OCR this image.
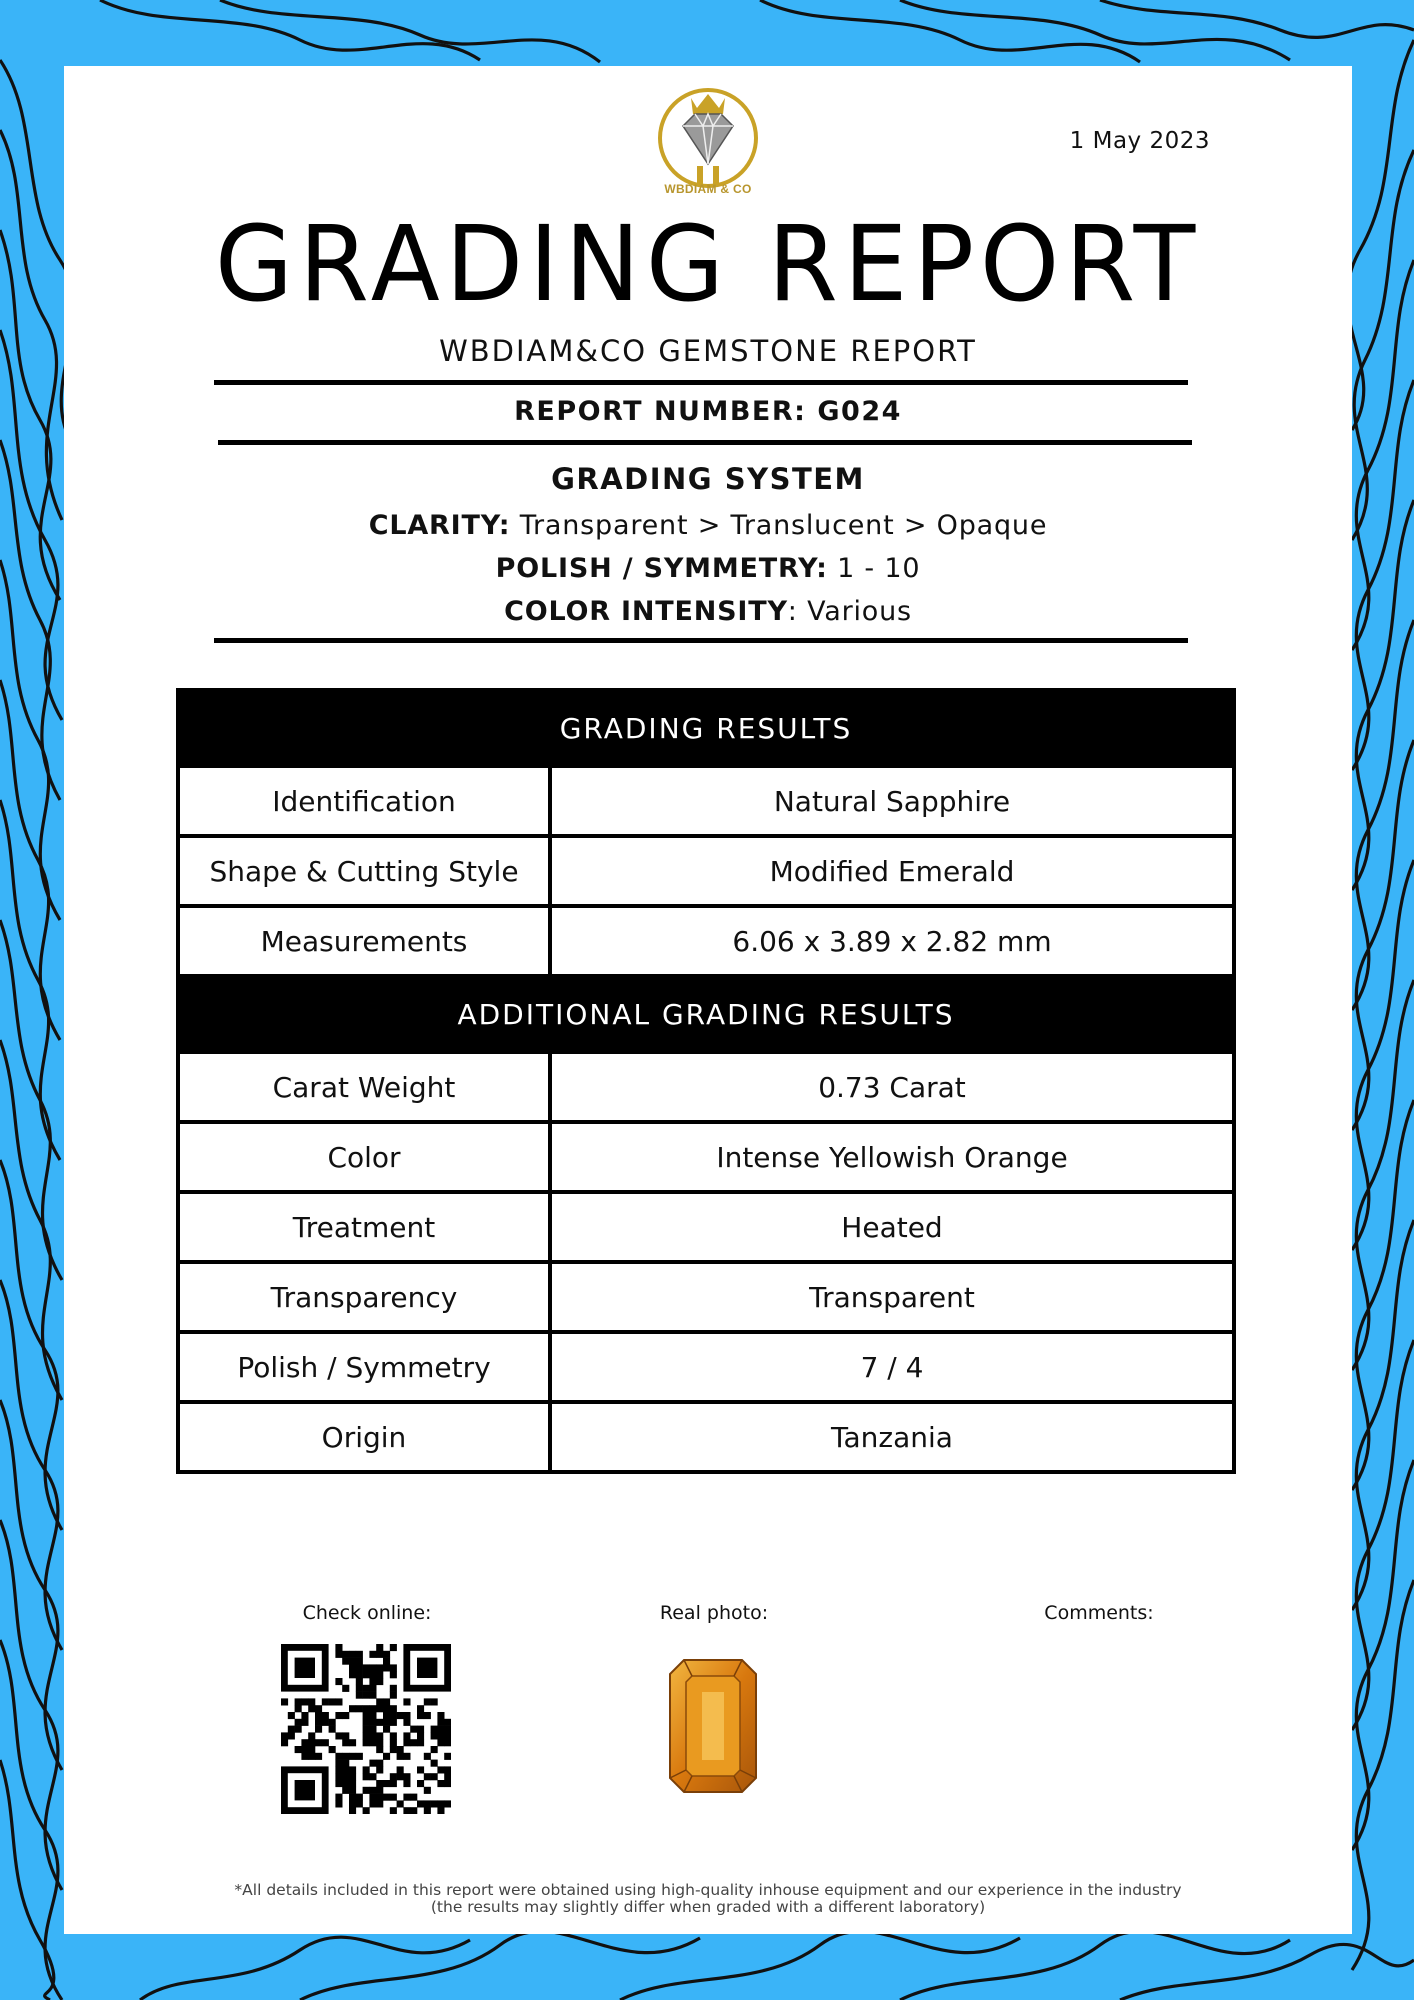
WBDIAM & CO
1 May 2023
GRADING REPORT
WBDIAM&CO GEMSTONE REPORT
REPORT NUMBER: G024
GRADING SYSTEM
CLARITY: Transparent > Translucent > Opaque
POLISH / SYMMETRY: 1 - 10
COLOR INTENSITY: Various
GRADING RESULTS	
Identification	Natural Sapphire
Shape & Cutting Style	Modified Emerald
Measurements	6.06 x 3.89 x 2.82 mm
ADDITIONAL GRADING RESULTS	
Carat Weight	0.73 Carat
Color	Intense Yellowish Orange
Treatment	Heated
Transparency	Transparent
Polish / Symmetry	7 / 4
Origin	Tanzania
Check online:	Real photo:	Comments:
*All details included in this report were obtained using high-quality inhouse equipment and our experience in the industry
(the results may slightly differ when graded with a different laboratory)
